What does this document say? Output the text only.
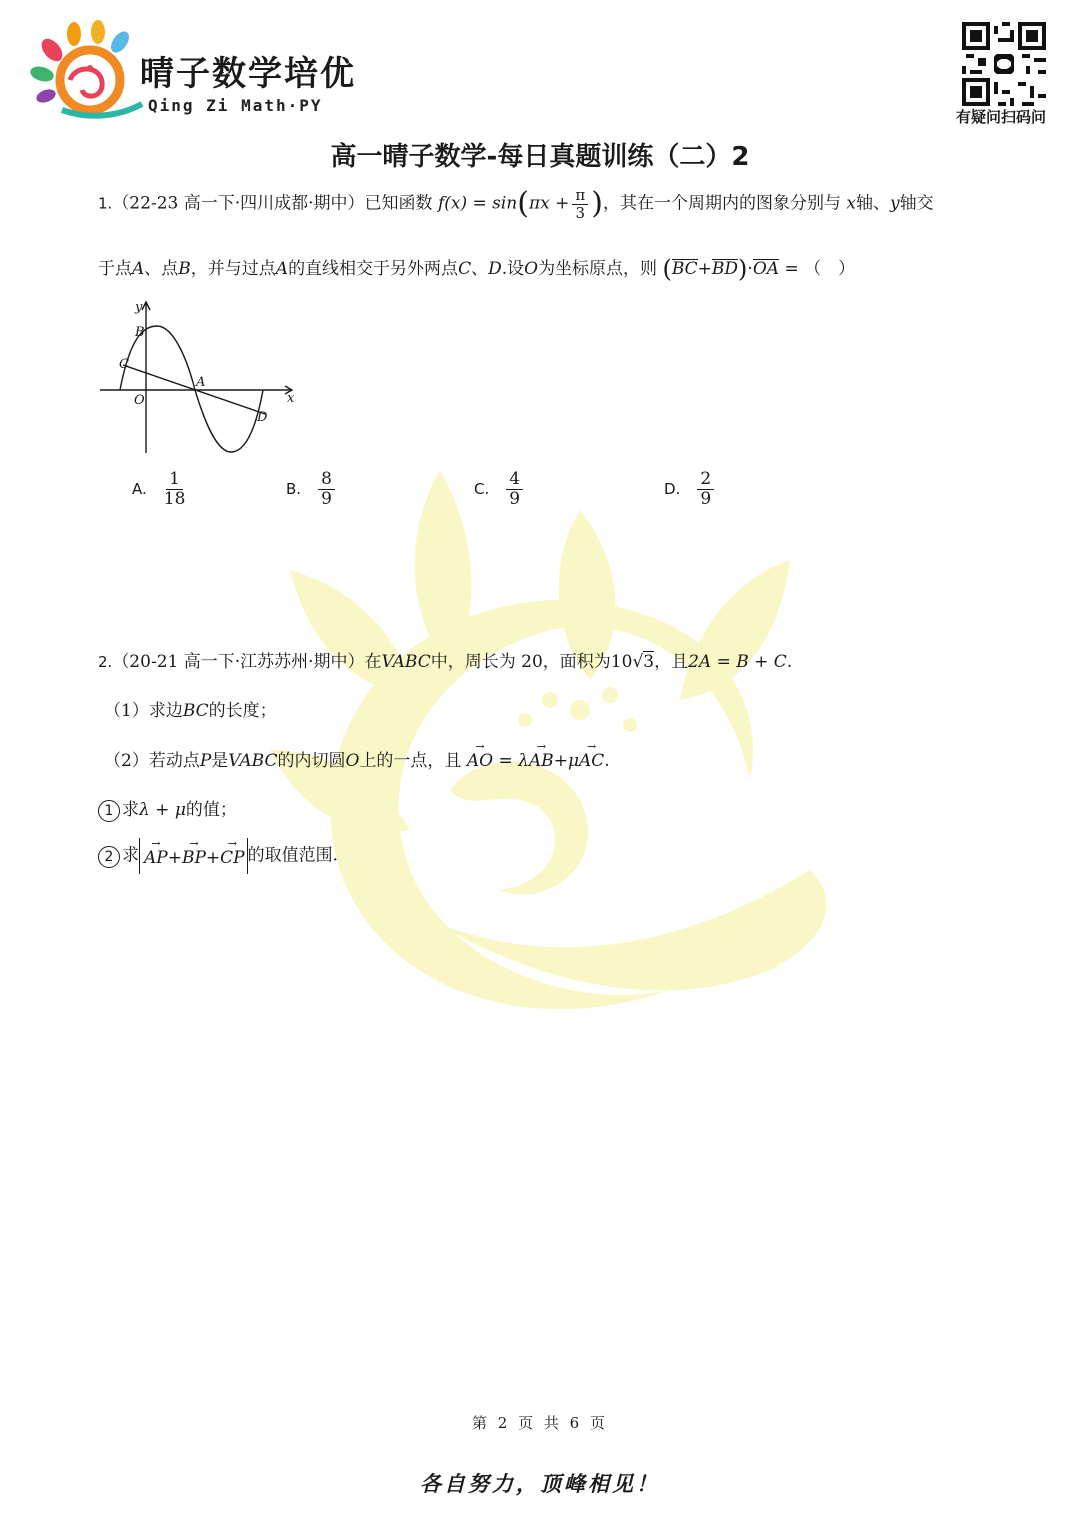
晴子数学培优
Qing Zi Math·PY
有疑问扫码问
高一晴子数学-每日真题训练（二）2
1.（22-23 高一下·四川成都·期中）已知函数 $f(x) = \sin(\pi x + \frac{\pi}{3}$ )，其在一个周期内的图象分别与 x轴、y轴交
于点A、点B，并与过点A的直线相交于另外两点C、D.设O为坐标原点，则 (BC+BD)·OA = （　）
y
x
B
C
O
A
D
A. $\frac{1}{18}$	B. $\frac{8}{9}$	C. $\frac{4}{9}$	D. $\frac{2}{9}$
2.（20-21 高一下·江苏苏州·期中）在VABC中，周长为 20，面积为10√3，且2A = B + C.
（1）求边BC的长度；
（2）若动点P是VABC的内切圆O上的一点，且 → AO = λ→ AB+μ→ AC.
1 求λ + μ的值；
2 求 → AP+→ BP+→ CP 的取值范围.
第 2 页 共 6 页
各自努力，顶峰相见！
